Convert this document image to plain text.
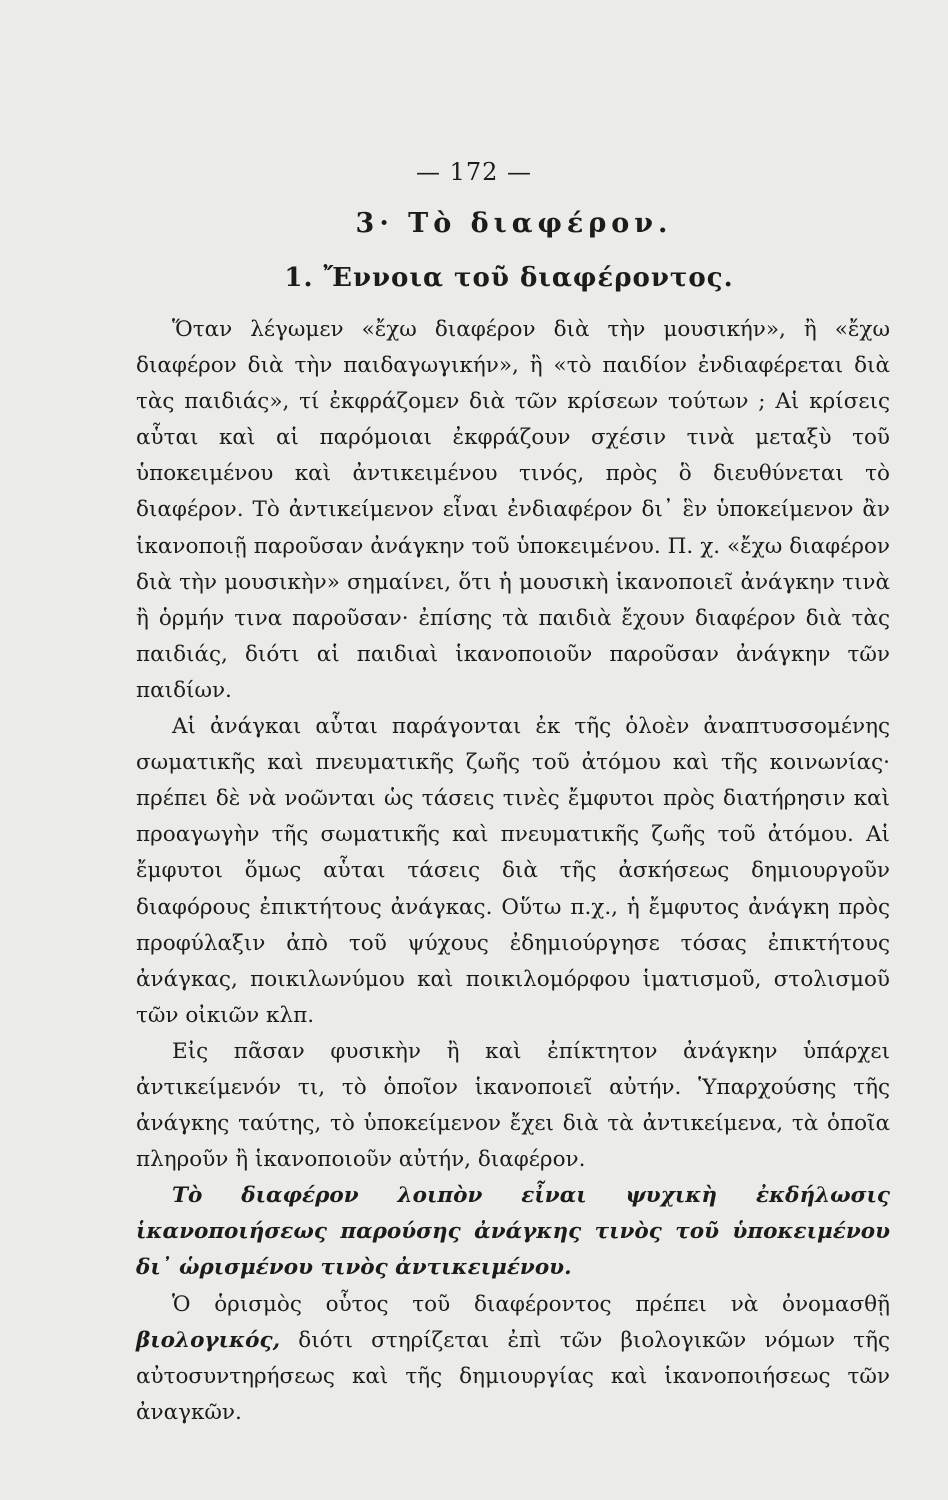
— 172 —
3· Τὸ διαφέρον.
1. Ἔννοια τοῦ διαφέροντος.

Ὅταν λέγωμεν «ἔχω διαφέρον διὰ τὴν μουσικήν», ἢ «ἔχω διαφέρον διὰ τὴν παιδαγωγικήν», ἢ «τὸ παιδίον ἐνδιαφέρεται διὰ τὰς παιδιάς», τί ἐκφράζομεν διὰ τῶν κρίσεων τούτων ; Αἱ κρίσεις αὗται καὶ αἱ παρόμοιαι ἐκφράζουν σχέσιν τινὰ μεταξὺ τοῦ ὑποκειμένου καὶ ἀντικειμένου τινός, πρὸς ὃ διευθύνεται τὸ διαφέρον. Τὸ ἀντικείμενον εἶναι ἐνδιαφέρον δι᾽ ἓν ὑποκείμενον ἂν ἱκανοποιῇ παροῦσαν ἀνάγκην τοῦ ὑποκειμένου. Π. χ. «ἔχω διαφέρον διὰ τὴν μουσικὴν» σημαίνει, ὅτι ἡ μουσικὴ ἱκανοποιεῖ ἀνάγκην τινὰ ἢ ὁρμήν τινα παροῦσαν· ἐπίσης τὰ παιδιὰ ἔχουν διαφέρον διὰ τὰς παιδιάς, διότι αἱ παιδιαὶ ἱκανοποιοῦν παροῦσαν ἀνάγκην τῶν παιδίων.

Αἱ ἀνάγκαι αὗται παράγονται ἐκ τῆς ὁλοὲν ἀναπτυσσομένης σωματικῆς καὶ πνευματικῆς ζωῆς τοῦ ἀτόμου καὶ τῆς κοινωνίας· πρέπει δὲ νὰ νοῶνται ὡς τάσεις τινὲς ἔμφυτοι πρὸς διατήρησιν καὶ προαγωγὴν τῆς σωματικῆς καὶ πνευματικῆς ζωῆς τοῦ ἀτόμου. Αἱ ἔμφυτοι ὅμως αὗται τάσεις διὰ τῆς ἀσκήσεως δημιουργοῦν διαφόρους ἐπικτήτους ἀνάγκας. Οὕτω π.χ., ἡ ἔμφυτος ἀνάγκη πρὸς προφύλαξιν ἀπὸ τοῦ ψύχους ἐδημιούργησε τόσας ἐπικτήτους ἀνάγκας, ποικιλωνύμου καὶ ποικιλομόρφου ἱματισμοῦ, στολισμοῦ τῶν οἰκιῶν κλπ.

Εἰς πᾶσαν φυσικὴν ἢ καὶ ἐπίκτητον ἀνάγκην ὑπάρχει ἀντικείμενόν τι, τὸ ὁποῖον ἱκανοποιεῖ αὐτήν. Ὑπαρχούσης τῆς ἀνάγκης ταύτης, τὸ ὑποκείμενον ἔχει διὰ τὰ ἀντικείμενα, τὰ ὁποῖα πληροῦν ἢ ἱκανοποιοῦν αὐτήν, διαφέρον.

Τὸ διαφέρον λοιπὸν εἶναι ψυχικὴ ἐκδήλωσις ἱκανοποιήσεως παρούσης ἀνάγκης τινὸς τοῦ ὑποκειμένου δι᾽ ὡρισμένου τινὸς ἀντικειμένου.

Ὁ ὁρισμὸς οὗτος τοῦ διαφέροντος πρέπει νὰ ὀνομασθῇ βιολογικός, διότι στηρίζεται ἐπὶ τῶν βιολογικῶν νόμων τῆς αὐτοσυντηρήσεως καὶ τῆς δημιουργίας καὶ ἱκανοποιήσεως τῶν ἀναγκῶν.
